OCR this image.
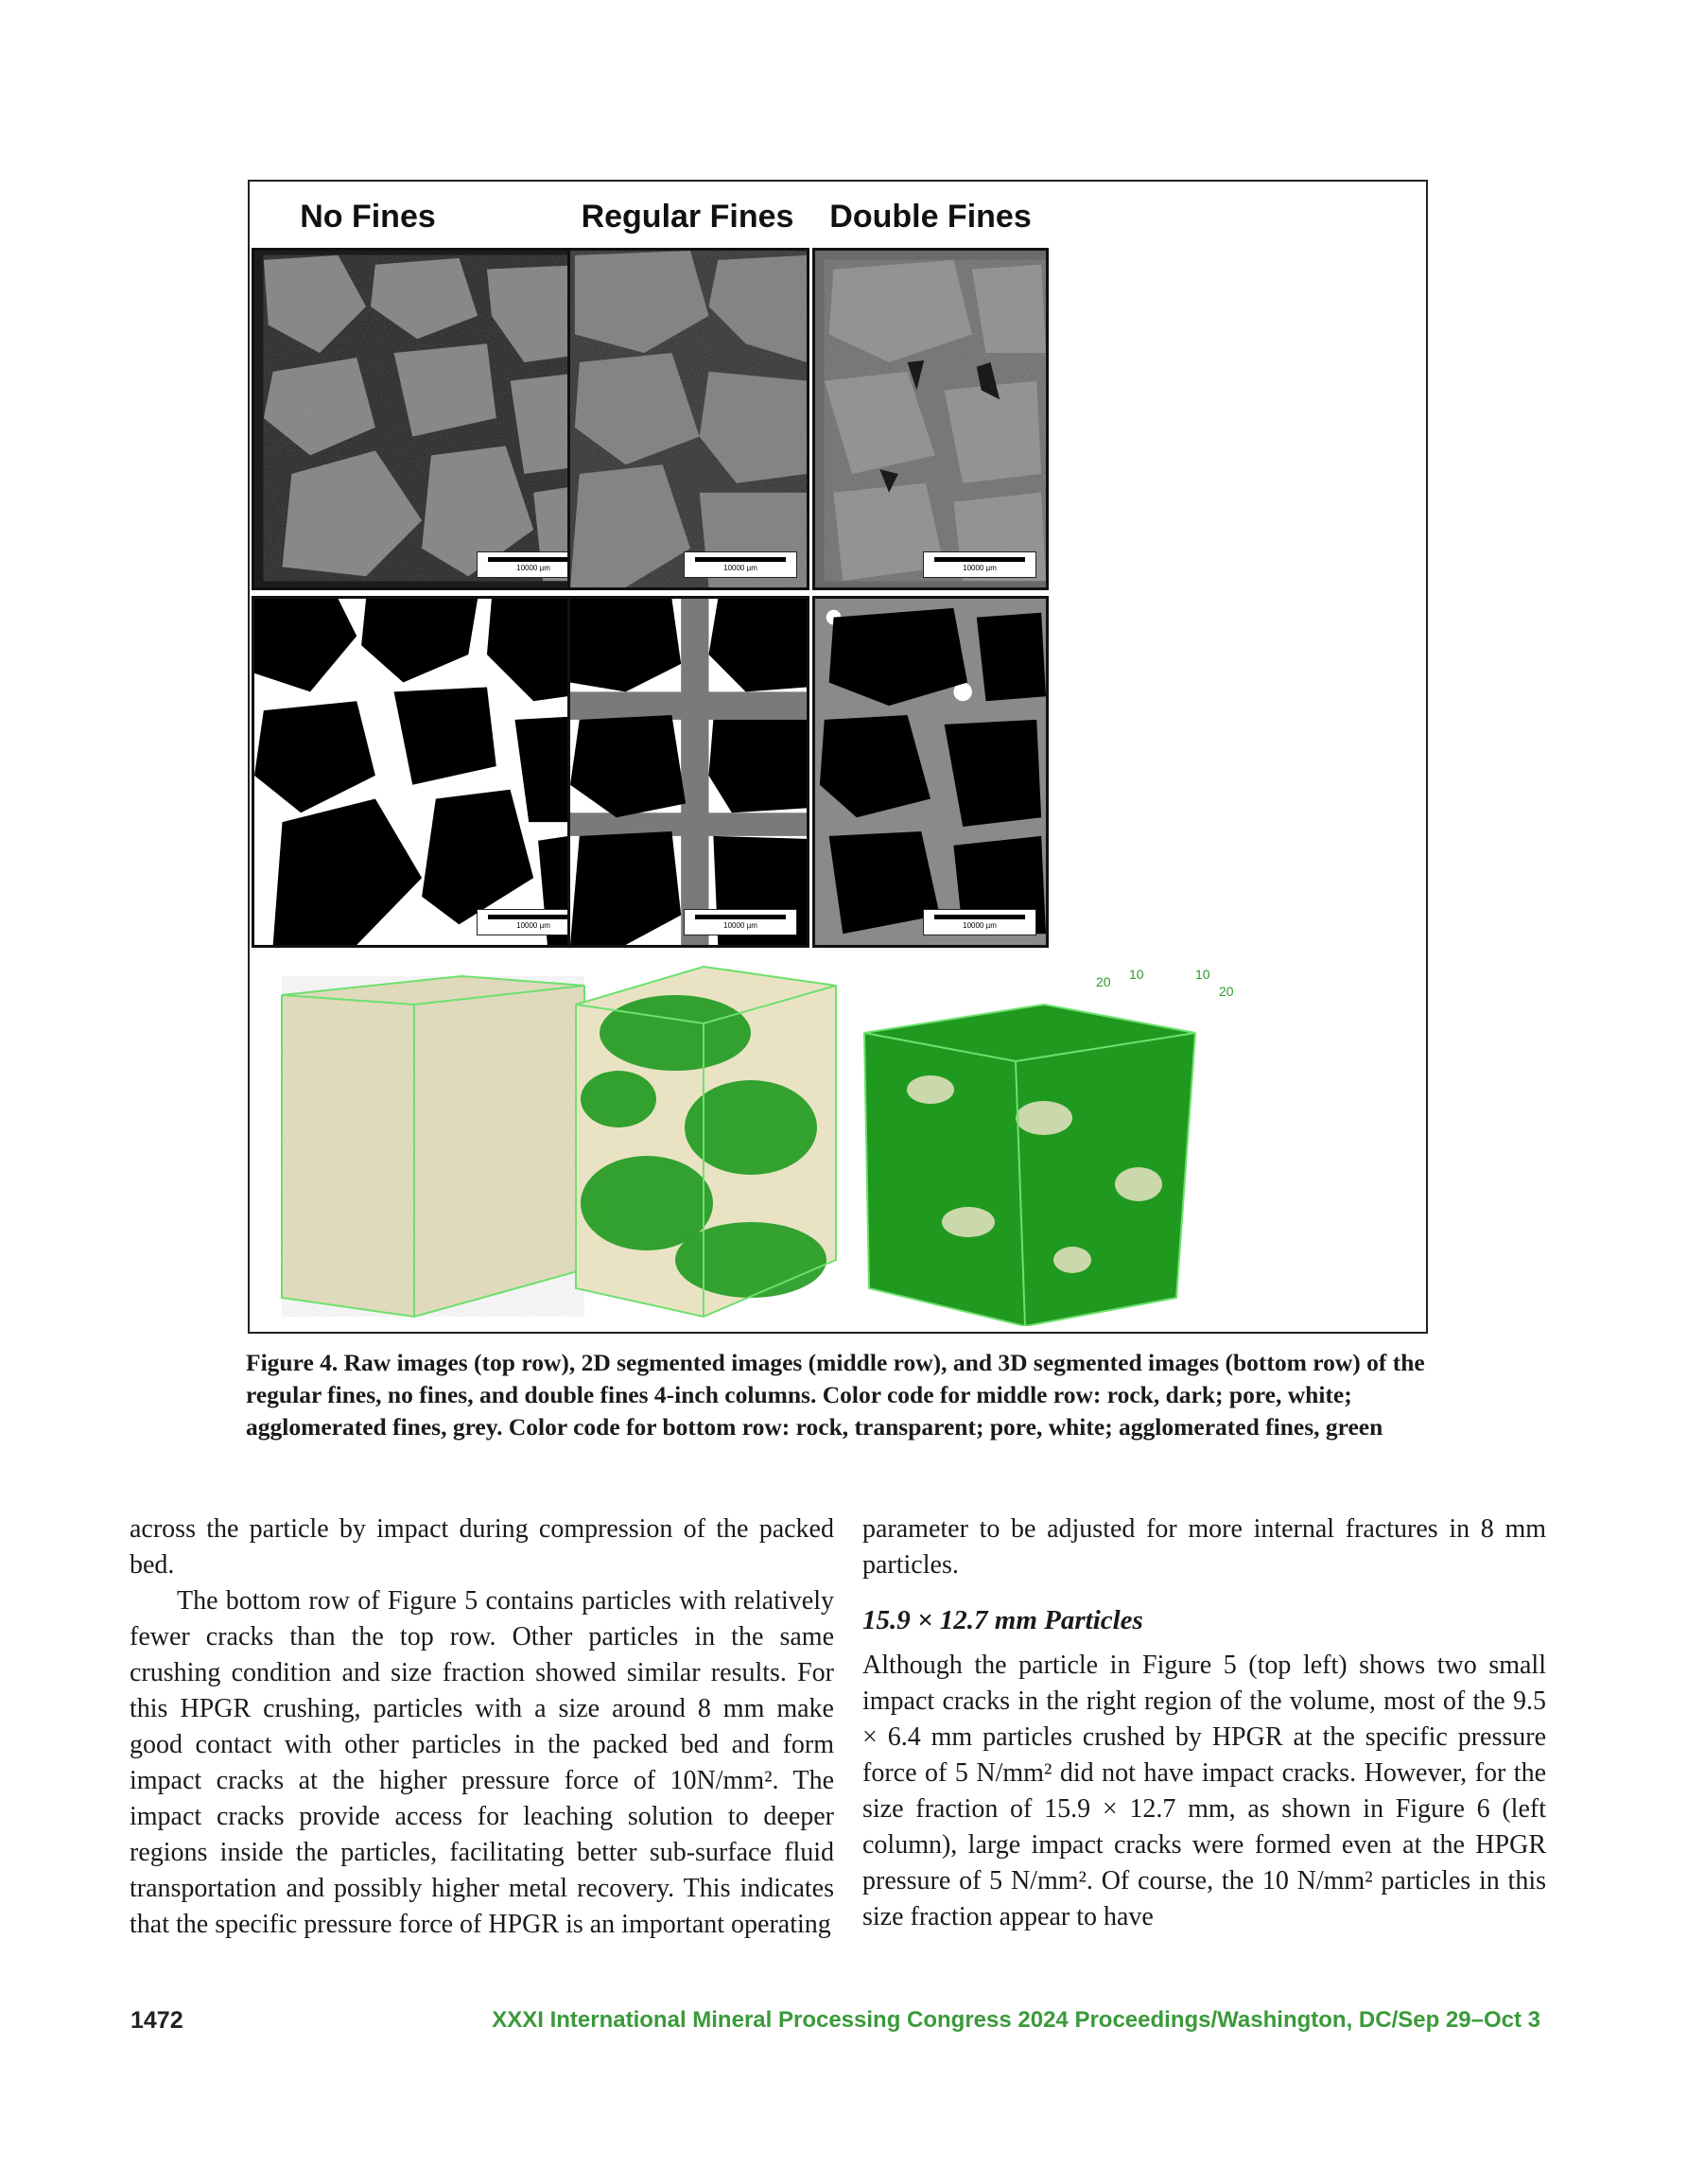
No Fines	Regular Fines	Double Fines
10000 µm	10000 µm	10000 µm
10000 µm	10000 µm	10000 µm
20 10	10
20
Figure 4. Raw images (top row), 2D segmented images (middle row), and 3D segmented images (bottom row) of the regular fines, no fines, and double fines 4-inch columns. Color code for middle row: rock, dark; pore, white; agglomerated fines, grey. Color code for bottom row: rock, transparent; pore, white; agglomerated fines, green

across the particle by impact during compression of the packed bed.

The bottom row of Figure 5 contains particles with relatively fewer cracks than the top row. Other particles in the same crushing condition and size fraction showed similar results. For this HPGR crushing, particles with a size around 8 mm make good contact with other particles in the packed bed and form impact cracks at the higher pressure force of 10N/mm². The impact cracks provide access for leaching solution to deeper regions inside the particles, facilitating better sub-surface fluid transportation and possibly higher metal recovery. This indicates that the specific pressure force of HPGR is an important operating

parameter to be adjusted for more internal fractures in 8 mm particles.

15.9 × 12.7 mm Particles

Although the particle in Figure 5 (top left) shows two small impact cracks in the right region of the volume, most of the 9.5 × 6.4 mm particles crushed by HPGR at the specific pressure force of 5 N/mm² did not have impact cracks. However, for the size fraction of 15.9 × 12.7 mm, as shown in Figure 6 (left column), large impact cracks were formed even at the HPGR pressure of 5 N/mm². Of course, the 10 N/mm² particles in this size fraction appear to have

1472	XXXI International Mineral Processing Congress 2024 Proceedings/Washington, DC/Sep 29–Oct 3
